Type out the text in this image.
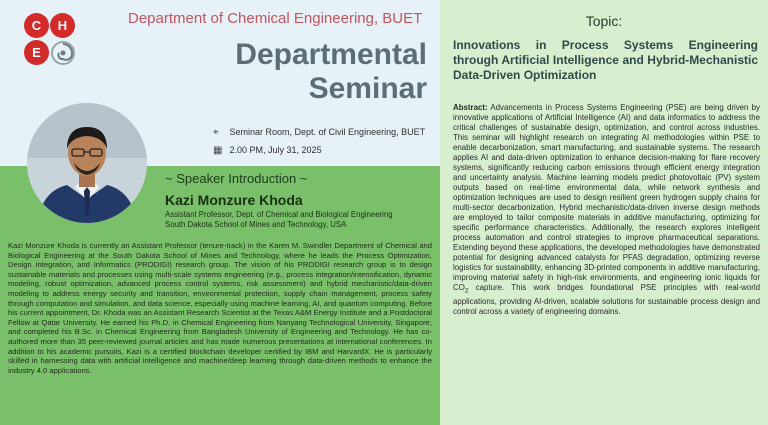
C	H
E
Department of Chemical Engineering, BUET
Departmental
Seminar
⌖ Seminar Room, Dept. of Civil Engineering, BUET
▦ 2.00 PM, July 31, 2025
~ Speaker Introduction ~
Kazi Monzure Khoda
Assistant Professor, Dept. of Chemical and Biological Engineering
South Dakota School of Mines and Technology, USA
Kazi Monzure Khoda is currently an Assistant Professor (tenure-track) in the Karen M. Swindler Department of Chemical and Biological Engineering at the South Dakota School of Mines and Technology, where he leads the Process Optimization, Design Integration, and Informatics (PRODIGI) research group. The vision of his PRODIGI research group is to design sustainable materials and processes using multi-scale systems engineering (e.g., process integration/intensification, dynamic modeling, robust optimization, advanced process control systems, risk assessment) and hybrid mechanistic/data-driven modeling to address energy security and transition, environmental protection, supply chain management, process safety through computation and simulation, and data science, especially using machine learning, AI, and quantum computing. Before his current appointment, Dr. Khoda was an Assistant Research Scientist at the Texas A&M Energy Institute and a Postdoctoral Fellow at Qatar University. He earned his Ph.D. in Chemical Engineering from Nanyang Technological University, Singapore, and completed his B.Sc. in Chemical Engineering from Bangladesh University of Engineering and Technology. He has co-authored more than 35 peer-reviewed journal articles and has made numerous presentations at international conferences. In addition to his academic pursuits, Kazi is a certified blockchain developer certified by IBM and HarvardX. He is particularly skilled in harnessing data with artificial intelligence and machine/deep learning through data-driven methods to enhance the industry 4.0 applications.
Topic:
Innovations in Process Systems Engineering through Artificial Intelligence and Hybrid-Mechanistic Data-Driven Optimization
Abstract: Advancements in Process Systems Engineering (PSE) are being driven by innovative applications of Artificial Intelligence (AI) and data informatics to address the critical challenges of sustainable design, optimization, and control across industries. This seminar will highlight research on integrating AI methodologies within PSE to enable decarbonization, smart manufacturing, and sustainable systems. The research applies AI and data-driven optimization to enhance decision-making for flare recovery systems, significantly reducing carbon emissions through efficient energy integration and uncertainty analysis. Machine learning models predict photovoltaic (PV) system outputs based on real-time environmental data, while network synthesis and optimization techniques are used to design resilient green hydrogen supply chains for multi-sector decarbonization. Hybrid mechanistic/data-driven inverse design methods are employed to tailor composite materials in additive manufacturing, optimizing for specific performance characteristics. Additionally, the research explores intelligent process automation and control strategies to improve pharmaceutical separations. Extending beyond these applications, the developed methodologies have demonstrated potential for designing advanced catalysts for PFAS degradation, optimizing reverse logistics for sustainability, enhancing 3D-printed components in additive manufacturing, improving material safety in high-risk environments, and engineering ionic liquids for $CO_2$ capture. This work bridges foundational PSE principles with real-world applications, providing AI-driven, scalable solutions for sustainable process design and control across a variety of engineering domains.
